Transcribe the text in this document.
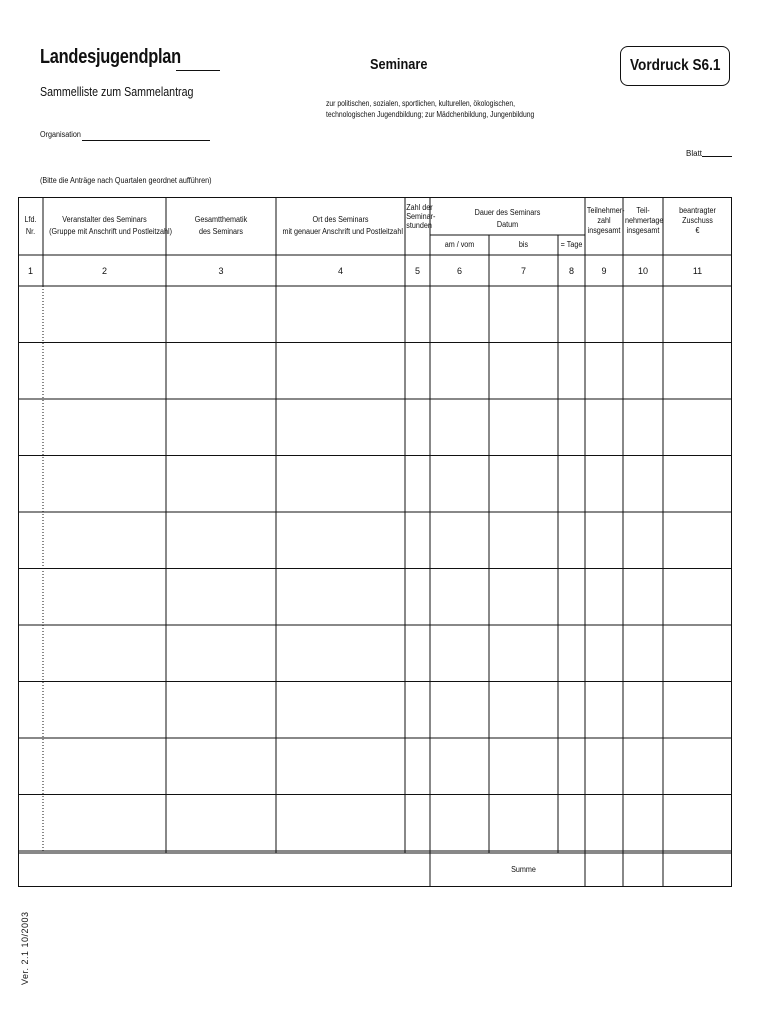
Landesjugendplan
Sammelliste zum Sammelantrag
Seminare
zur politischen, sozialen, sportlichen, kulturellen, ökologischen,
technologischen Jugendbildung; zur Mädchenbildung, Jungenbildung
Vordruck S6.1
Organisation
Blatt
(Bitte die Anträge nach Quartalen geordnet aufführen)
Lfd.
Nr.
1
Veranstalter des Seminars
(Gruppe mit Anschrift und Postleitzahl)
2
Gesamtthematik
des Seminars
3
Ort des Seminars
mit genauer Anschrift und Postleitzahl
4
Zahl der
Seminar-
stunden
5
am / vom
6
bis
7
= Tage
8
Teilnehmer-
zahl
insgesamt
9
Teil-
nehmertage
insgesamt
10
beantragter
Zuschuss
€
11
Dauer des Seminars
Datum
Summe
Ver. 2.1 10/2003
